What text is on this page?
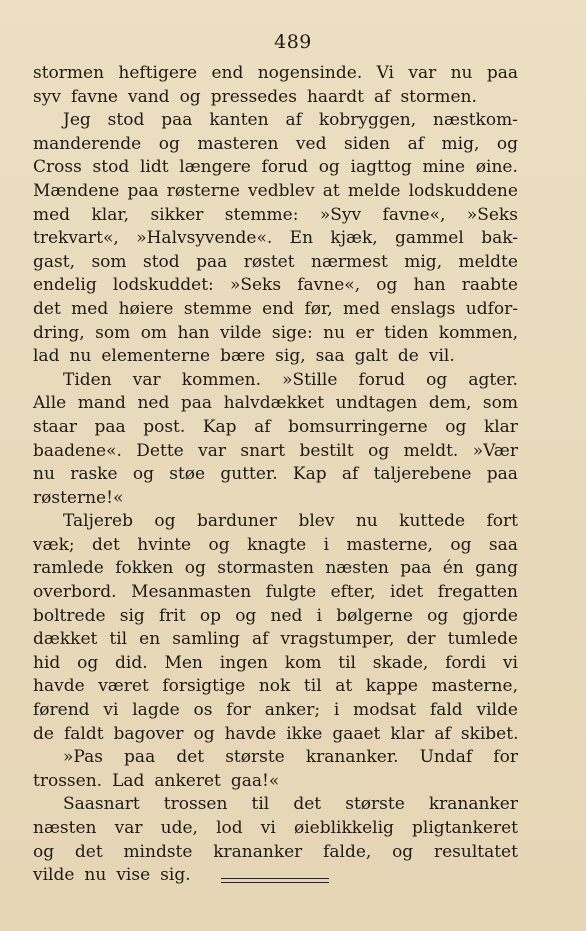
489
stormen heftigere end nogensinde. Vi var nu paa
syv favne vand og pressedes haardt af stormen.
Jeg stod paa kanten af kobryggen, næstkom-
manderende og masteren ved siden af mig, og
Cross stod lidt længere forud og iagttog mine øine.
Mændene paa røsterne vedblev at melde lodskuddene
med klar, sikker stemme: »Syv favne«, »Seks
trekvart«, »Halvsyvende«. En kjæk, gammel bak-
gast, som stod paa røstet nærmest mig, meldte
endelig lodskuddet: »Seks favne«, og han raabte
det med høiere stemme end før, med enslags udfor-
dring, som om han vilde sige: nu er tiden kommen,
lad nu elementerne bære sig, saa galt de vil.
Tiden var kommen. »Stille forud og agter.
Alle mand ned paa halvdækket undtagen dem, som
staar paa post. Kap af bomsurringerne og klar
baadene«. Dette var snart bestilt og meldt. »Vær
nu raske og støe gutter. Kap af taljerebene paa
røsterne!«
Taljereb og barduner blev nu kuttede fort
væk; det hvinte og knagte i masterne, og saa
ramlede fokken og stormasten næsten paa én gang
overbord. Mesanmasten fulgte efter, idet fregatten
boltrede sig frit op og ned i bølgerne og gjorde
dækket til en samling af vragstumper, der tumlede
hid og did. Men ingen kom til skade, fordi vi
havde været forsigtige nok til at kappe masterne,
førend vi lagde os for anker; i modsat fald vilde
de faldt bagover og havde ikke gaaet klar af skibet.
»Pas paa det største krananker. Undaf for
trossen. Lad ankeret gaa!«
Saasnart trossen til det største krananker
næsten var ude, lod vi øieblikkelig pligtankeret
og det mindste krananker falde, og resultatet
vilde nu vise sig.
